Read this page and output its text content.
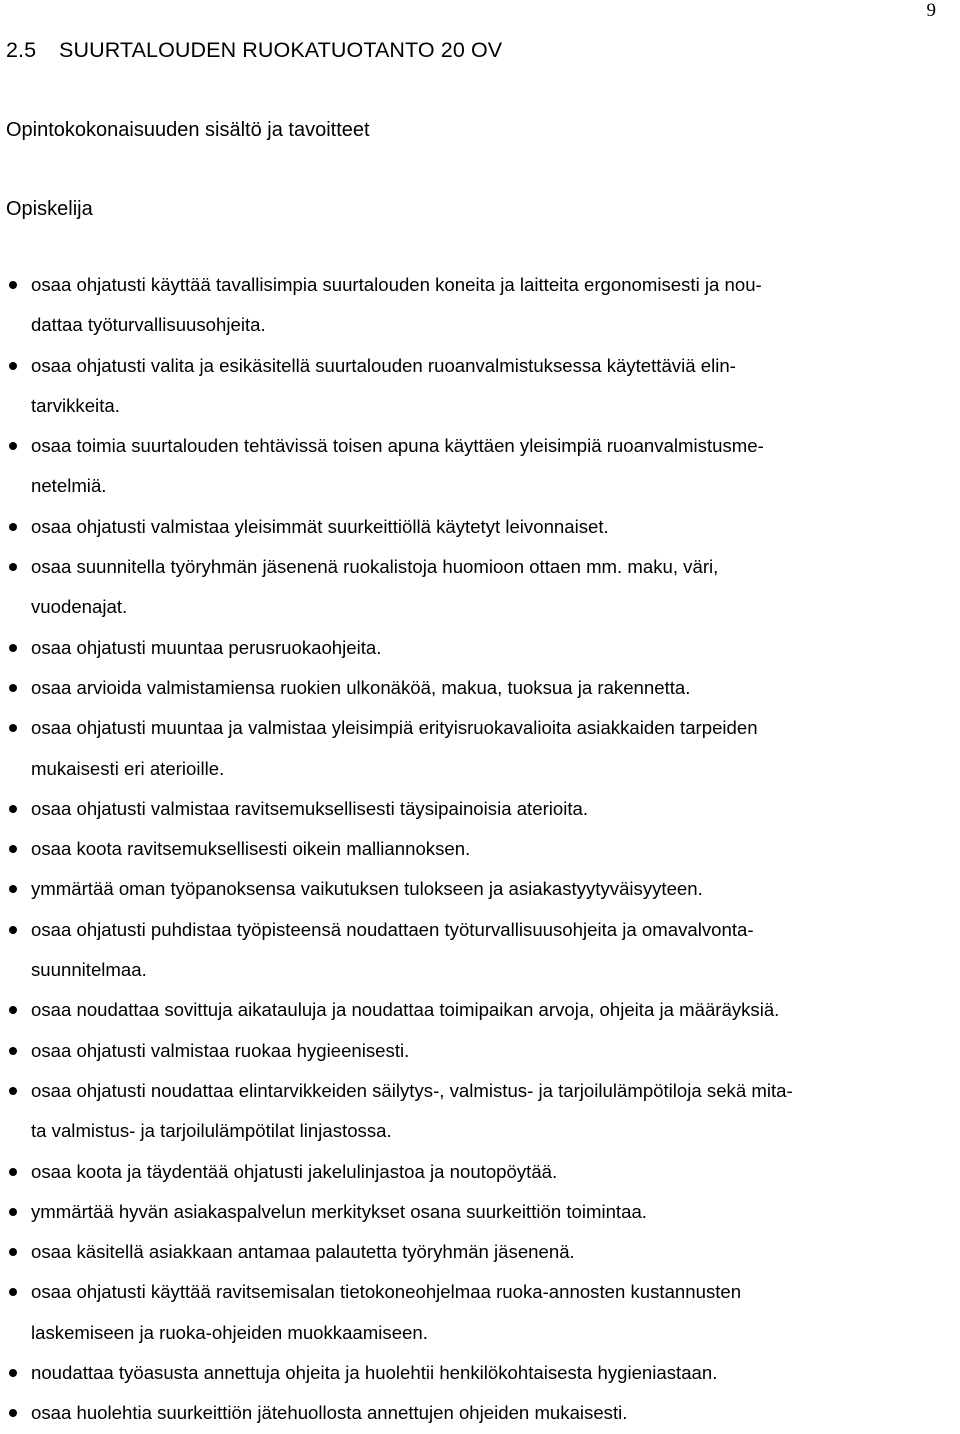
9
2.5 SUURTALOUDEN RUOKATUOTANTO 20 OV
Opintokokonaisuuden sisältö ja tavoitteet
Opiskelija
osaa ohjatusti käyttää tavallisimpia suurtalouden koneita ja laitteita ergonomisesti ja nou-
dattaa työturvallisuusohjeita.
osaa ohjatusti valita ja esikäsitellä suurtalouden ruoanvalmistuksessa käytettäviä elin-
tarvikkeita.
osaa toimia suurtalouden tehtävissä toisen apuna käyttäen yleisimpiä ruoanvalmistusme-
netelmiä.
osaa ohjatusti valmistaa yleisimmät suurkeittiöllä käytetyt leivonnaiset.
osaa suunnitella työryhmän jäsenenä ruokalistoja huomioon ottaen mm. maku, väri,
vuodenajat.
osaa ohjatusti muuntaa perusruokaohjeita.
osaa arvioida valmistamiensa ruokien ulkonäköä, makua, tuoksua ja rakennetta.
osaa ohjatusti muuntaa ja valmistaa yleisimpiä erityisruokavalioita asiakkaiden tarpeiden
mukaisesti eri aterioille.
osaa ohjatusti valmistaa ravitsemuksellisesti täysipainoisia aterioita.
osaa koota ravitsemuksellisesti oikein malliannoksen.
ymmärtää oman työpanoksensa vaikutuksen tulokseen ja asiakastyytyväisyyteen.
osaa ohjatusti puhdistaa työpisteensä noudattaen työturvallisuusohjeita ja omavalvonta-
suunnitelmaa.
osaa noudattaa sovittuja aikatauluja ja noudattaa toimipaikan arvoja, ohjeita ja määräyksiä.
osaa ohjatusti valmistaa ruokaa hygieenisesti.
osaa ohjatusti noudattaa elintarvikkeiden säilytys-, valmistus- ja tarjoilulämpötiloja sekä mita-
ta valmistus- ja tarjoilulämpötilat linjastossa.
osaa koota ja täydentää ohjatusti jakelulinjastoa ja noutopöytää.
ymmärtää hyvän asiakaspalvelun merkitykset osana suurkeittiön toimintaa.
osaa käsitellä asiakkaan antamaa palautetta työryhmän jäsenenä.
osaa ohjatusti käyttää ravitsemisalan tietokoneohjelmaa ruoka-annosten kustannusten
laskemiseen ja ruoka-ohjeiden muokkaamiseen.
noudattaa työasusta annettuja ohjeita ja huolehtii henkilökohtaisesta hygieniastaan.
osaa huolehtia suurkeittiön jätehuollosta annettujen ohjeiden mukaisesti.
